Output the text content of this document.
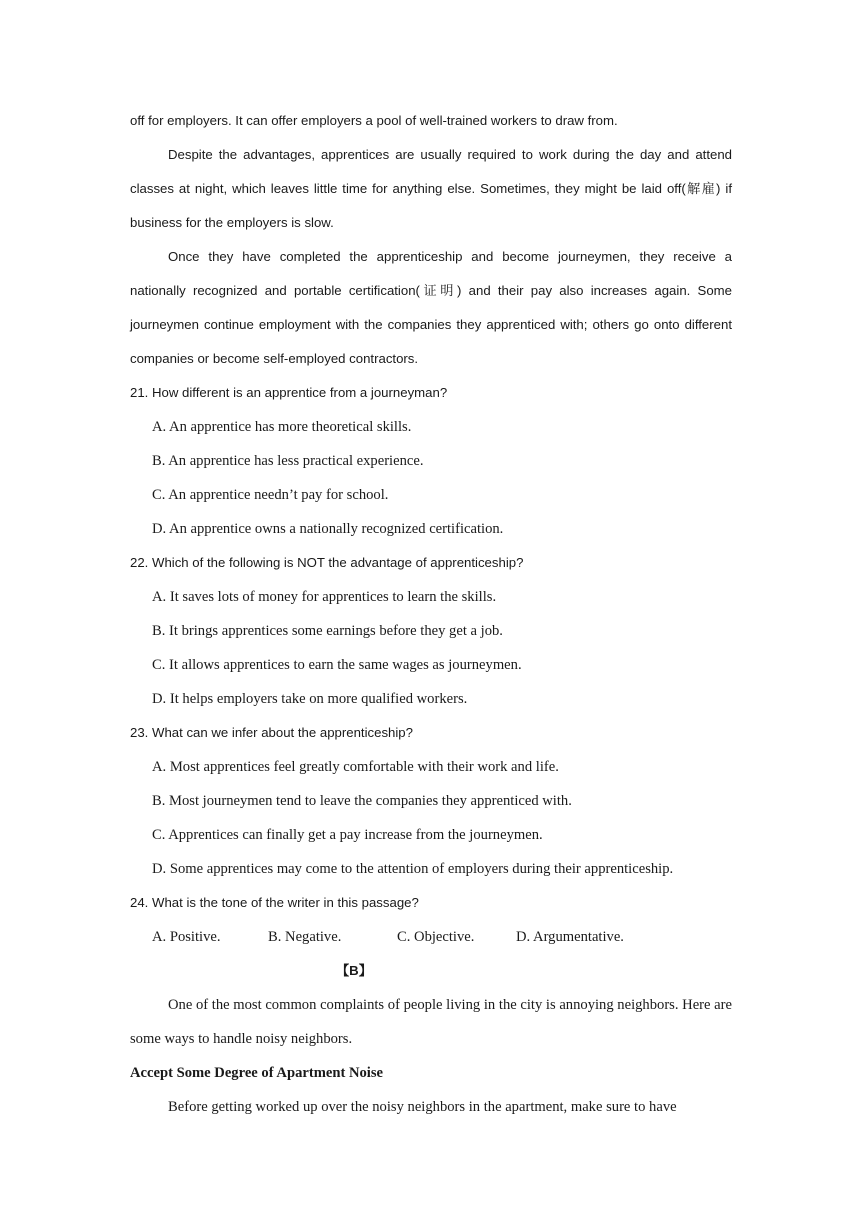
off for employers. It can offer employers a pool of well-trained workers to draw from.
Despite the advantages, apprentices are usually required to work during the day and attend classes at night, which leaves little time for anything else. Sometimes, they might be laid off(解雇) if business for the employers is slow.
Once they have completed the apprenticeship and become journeymen, they receive a nationally recognized and portable certification(证明) and their pay also increases again. Some journeymen continue employment with the companies they apprenticed with; others go onto different companies or become self-employed contractors.
21. How different is an apprentice from a journeyman?
A. An apprentice has more theoretical skills.
B. An apprentice has less practical experience.
C. An apprentice needn’t pay for school.
D. An apprentice owns a nationally recognized certification.
22. Which of the following is NOT the advantage of apprenticeship?
A. It saves lots of money for apprentices to learn the skills.
B. It brings apprentices some earnings before they get a job.
C. It allows apprentices to earn the same wages as journeymen.
D. It helps employers take on more qualified workers.
23. What can we infer about the apprenticeship?
A. Most apprentices feel greatly comfortable with their work and life.
B. Most journeymen tend to leave the companies they apprenticed with.
C. Apprentices can finally get a pay increase from the journeymen.
D. Some apprentices may come to the attention of employers during their apprenticeship.
24. What is the tone of the writer in this passage?
A. Positive.	B. Negative.	C. Objective.	D. Argumentative.
【B】
One of the most common complaints of people living in the city is annoying neighbors. Here are some ways to handle noisy neighbors.
Accept Some Degree of Apartment Noise
Before getting worked up over the noisy neighbors in the apartment, make sure to have
